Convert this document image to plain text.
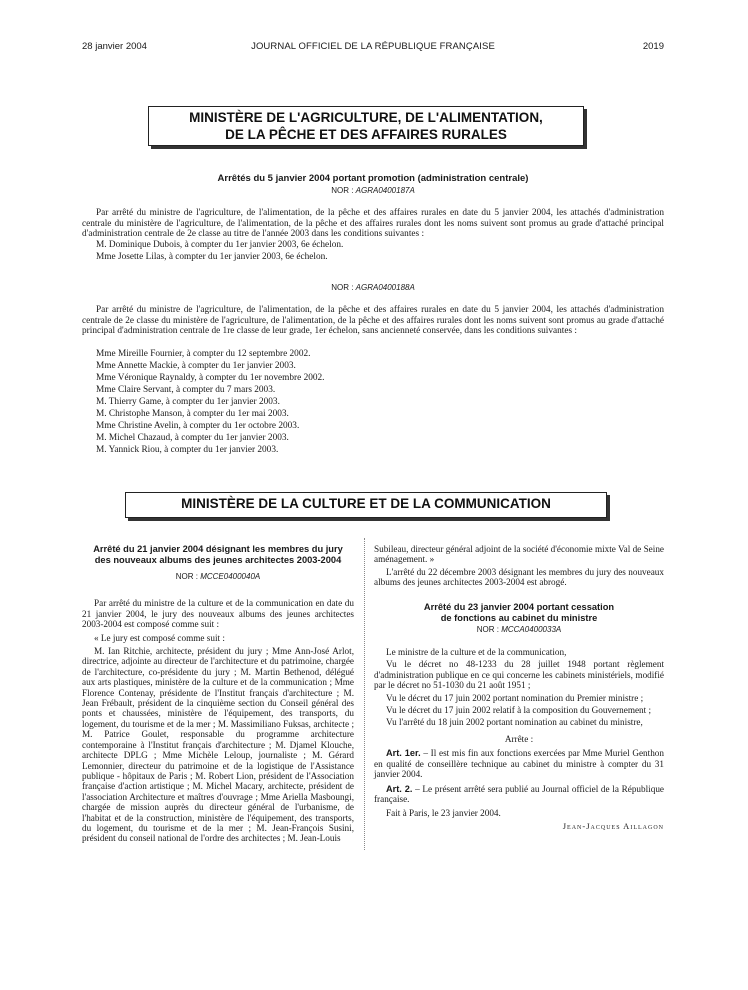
28 janvier 2004	JOURNAL OFFICIEL DE LA RÉPUBLIQUE FRANÇAISE	2019
MINISTÈRE DE L'AGRICULTURE, DE L'ALIMENTATION,
DE LA PÊCHE ET DES AFFAIRES RURALES
Arrêtés du 5 janvier 2004 portant promotion (administration centrale)
NOR : AGRA0400187A

Par arrêté du ministre de l'agriculture, de l'alimentation, de la pêche et des affaires rurales en date du 5 janvier 2004, les attachés d'administration centrale du ministère de l'agriculture, de l'alimentation, de la pêche et des affaires rurales dont les noms suivent sont promus au grade d'attaché principal d'administration centrale de 2e classe au titre de l'année 2003 dans les conditions suivantes :

M. Dominique Dubois, à compter du 1er janvier 2003, 6e échelon.
Mme Josette Lilas, à compter du 1er janvier 2003, 6e échelon.
NOR : AGRA0400188A

Par arrêté du ministre de l'agriculture, de l'alimentation, de la pêche et des affaires rurales en date du 5 janvier 2004, les attachés d'administration centrale de 2e classe du ministère de l'agriculture, de l'alimentation, de la pêche et des affaires rurales dont les noms suivent sont promus au grade d'attaché principal d'administration centrale de 1re classe de leur grade, 1er échelon, sans ancienneté conservée, dans les conditions suivantes :

Mme Mireille Fournier, à compter du 12 septembre 2002.
Mme Annette Mackie, à compter du 1er janvier 2003.
Mme Véronique Raynaldy, à compter du 1er novembre 2002.
Mme Claire Servant, à compter du 7 mars 2003.
M. Thierry Game, à compter du 1er janvier 2003.
M. Christophe Manson, à compter du 1er mai 2003.
Mme Christine Avelin, à compter du 1er octobre 2003.
M. Michel Chazaud, à compter du 1er janvier 2003.
M. Yannick Riou, à compter du 1er janvier 2003.
MINISTÈRE DE LA CULTURE ET DE LA COMMUNICATION
Arrêté du 21 janvier 2004 désignant les membres du jury
des nouveaux albums des jeunes architectes 2003-2004
NOR : MCCE0400040A

Par arrêté du ministre de la culture et de la communication en date du 21 janvier 2004, le jury des nouveaux albums des jeunes architectes 2003-2004 est composé comme suit :

« Le jury est composé comme suit :

M. Ian Ritchie, architecte, président du jury ; Mme Ann-José Arlot, directrice, adjointe au directeur de l'architecture et du patrimoine, chargée de l'architecture, co-présidente du jury ; M. Martin Bethenod, délégué aux arts plastiques, ministère de la culture et de la communication ; Mme Florence Contenay, présidente de l'Institut français d'architecture ; M. Jean Frébault, président de la cinquième section du Conseil général des ponts et chaussées, ministère de l'équipement, des transports, du logement, du tourisme et de la mer ; M. Massimiliano Fuksas, architecte ; M. Patrice Goulet, responsable du programme architecture contemporaine à l'Institut français d'architecture ; M. Djamel Klouche, architecte DPLG ; Mme Michèle Leloup, journaliste ; M. Gérard Lemonnier, directeur du patrimoine et de la logistique de l'Assistance publique - hôpitaux de Paris ; M. Robert Lion, président de l'Association française d'action artistique ; M. Michel Macary, architecte, président de l'association Architecture et maîtres d'ouvrage ; Mme Ariella Masboungi, chargée de mission auprès du directeur général de l'urbanisme, de l'habitat et de la construction, ministère de l'équipement, des transports, du logement, du tourisme et de la mer ; M. Jean-François Susini, président du conseil national de l'ordre des architectes ; M. Jean-Louis

Subileau, directeur général adjoint de la société d'économie mixte Val de Seine aménagement. »

L'arrêté du 22 décembre 2003 désignant les membres du jury des nouveaux albums des jeunes architectes 2003-2004 est abrogé.

Arrêté du 23 janvier 2004 portant cessation
de fonctions au cabinet du ministre
NOR : MCCA0400033A

Le ministre de la culture et de la communication,

Vu le décret no 48-1233 du 28 juillet 1948 portant règlement d'administration publique en ce qui concerne les cabinets ministériels, modifié par le décret no 51-1030 du 21 août 1951 ;

Vu le décret du 17 juin 2002 portant nomination du Premier ministre ;

Vu le décret du 17 juin 2002 relatif à la composition du Gouvernement ;

Vu l'arrêté du 18 juin 2002 portant nomination au cabinet du ministre,

Arrête :

Art. 1er. – Il est mis fin aux fonctions exercées par Mme Muriel Genthon en qualité de conseillère technique au cabinet du ministre à compter du 31 janvier 2004.

Art. 2. – Le présent arrêté sera publié au Journal officiel de la République française.

Fait à Paris, le 23 janvier 2004.

Jean-Jacques Aillagon
